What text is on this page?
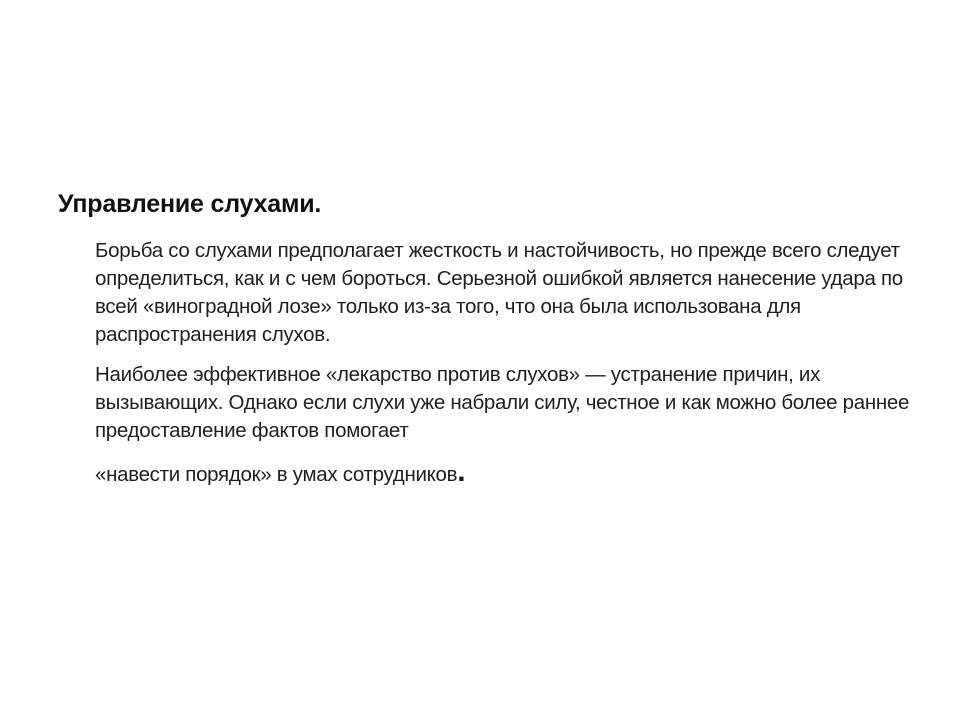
Управление слухами.

Борьба со слухами предполагает жесткость и настойчивость, но прежде всего следует определиться, как и с чем бороться. Серьезной ошибкой является нанесение удара по всей «виноградной лозе» только из-за того, что она была использована для распространения слухов.

Наиболее эффективное «лекарство против слухов» — устранение причин, их вызывающих. Однако если слухи уже набрали силу, честное и как можно более раннее предоставление фактов помогает
«навести порядок» в умах сотрудников.
